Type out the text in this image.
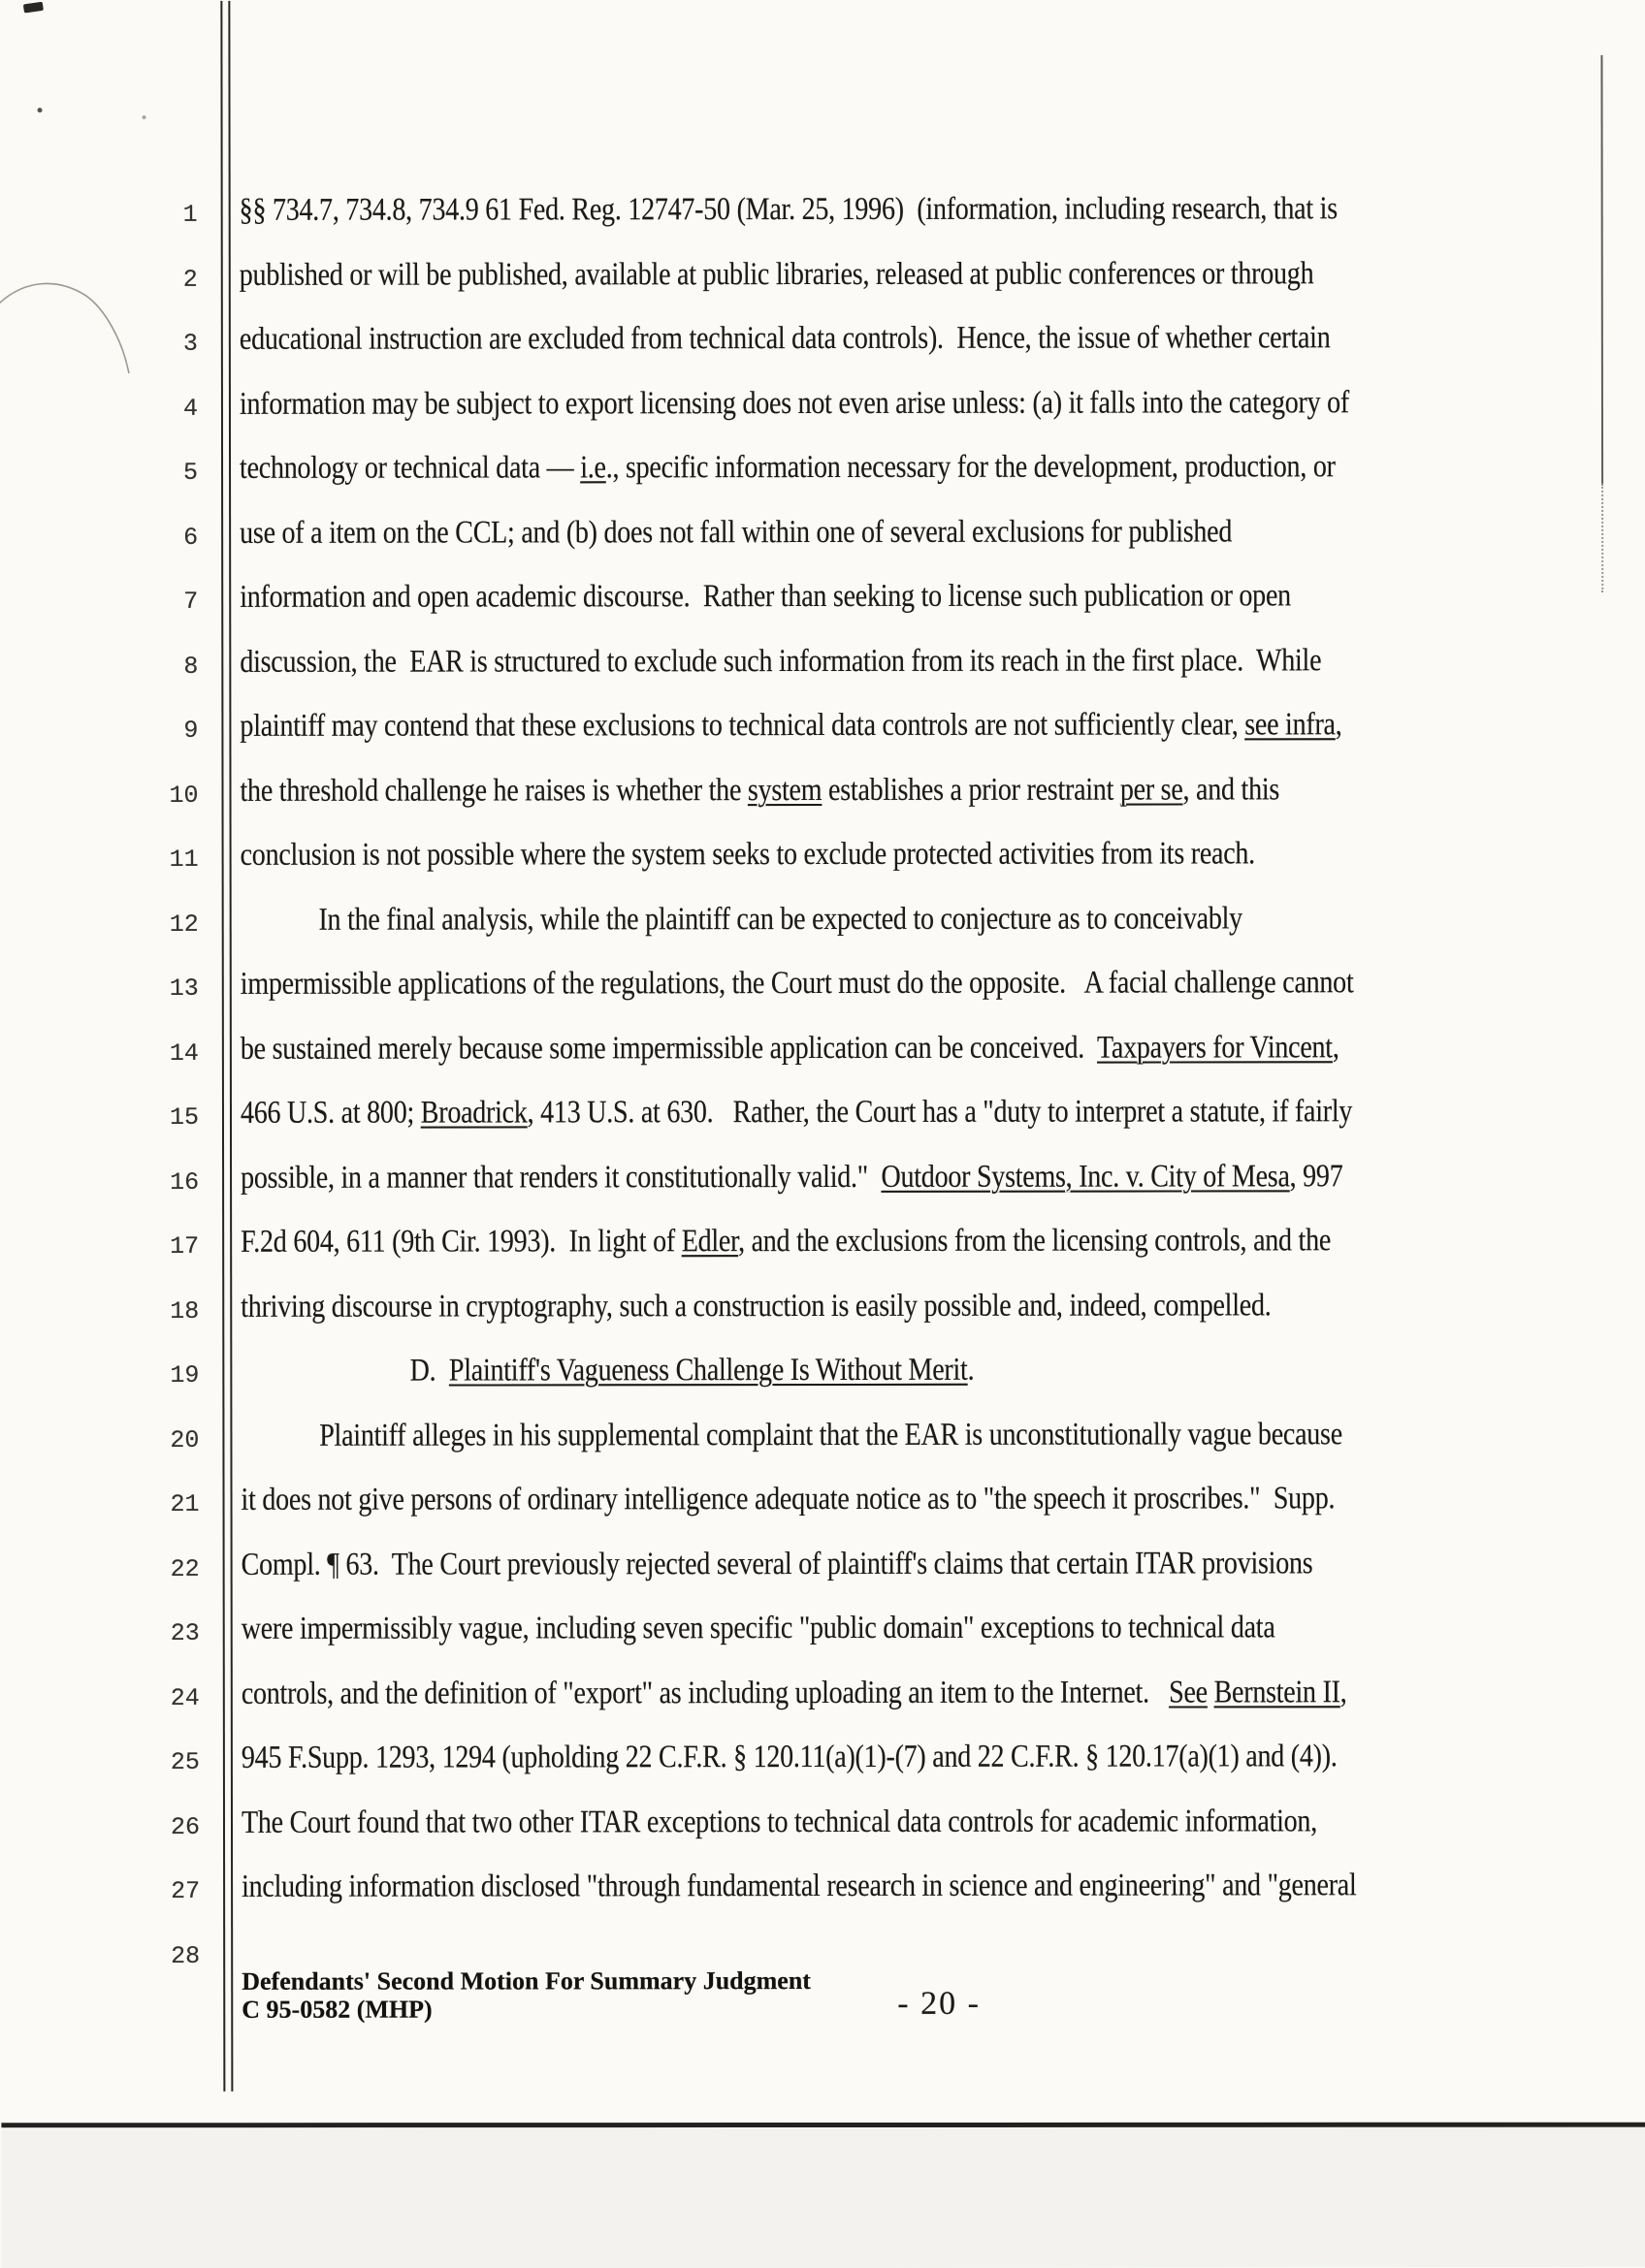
1
2
3
4
5
6
7
8
9
10
11
12
13
14
15
16
17
18
19
20
21
22
23
24
25
26
27
28
§§ 734.7, 734.8, 734.9 61 Fed. Reg. 12747-50 (Mar. 25, 1996)  (information, including research, that is
published or will be published, available at public libraries, released at public conferences or through
educational instruction are excluded from technical data controls).  Hence, the issue of whether certain
information may be subject to export licensing does not even arise unless: (a) it falls into the category of
technology or technical data — i.e., specific information necessary for the development, production, or
use of a item on the CCL; and (b) does not fall within one of several exclusions for published
information and open academic discourse.  Rather than seeking to license such publication or open
discussion, the  EAR is structured to exclude such information from its reach in the first place.  While
plaintiff may contend that these exclusions to technical data controls are not sufficiently clear, see infra,
the threshold challenge he raises is whether the system establishes a prior restraint per se, and this
conclusion is not possible where the system seeks to exclude protected activities from its reach.
In the final analysis, while the plaintiff can be expected to conjecture as to conceivably
impermissible applications of the regulations, the Court must do the opposite.   A facial challenge cannot
be sustained merely because some impermissible application can be conceived.  Taxpayers for Vincent,
466 U.S. at 800; Broadrick, 413 U.S. at 630.   Rather, the Court has a "duty to interpret a statute, if fairly
possible, in a manner that renders it constitutionally valid."  Outdoor Systems, Inc. v. City of Mesa, 997
F.2d 604, 611 (9th Cir. 1993).  In light of Edler, and the exclusions from the licensing controls, and the
thriving discourse in cryptography, such a construction is easily possible and, indeed, compelled.
D.  Plaintiff's Vagueness Challenge Is Without Merit.
Plaintiff alleges in his supplemental complaint that the EAR is unconstitutionally vague because
it does not give persons of ordinary intelligence adequate notice as to "the speech it proscribes."  Supp.
Compl. ¶ 63.  The Court previously rejected several of plaintiff's claims that certain ITAR provisions
were impermissibly vague, including seven specific "public domain" exceptions to technical data
controls, and the definition of "export" as including uploading an item to the Internet.   See Bernstein II,
945 F.Supp. 1293, 1294 (upholding 22 C.F.R. § 120.11(a)(1)-(7) and 22 C.F.R. § 120.17(a)(1) and (4)).
The Court found that two other ITAR exceptions to technical data controls for academic information,
including information disclosed "through fundamental research in science and engineering" and "general
Defendants' Second Motion For Summary Judgment
C 95-0582 (MHP)	- 20 -
